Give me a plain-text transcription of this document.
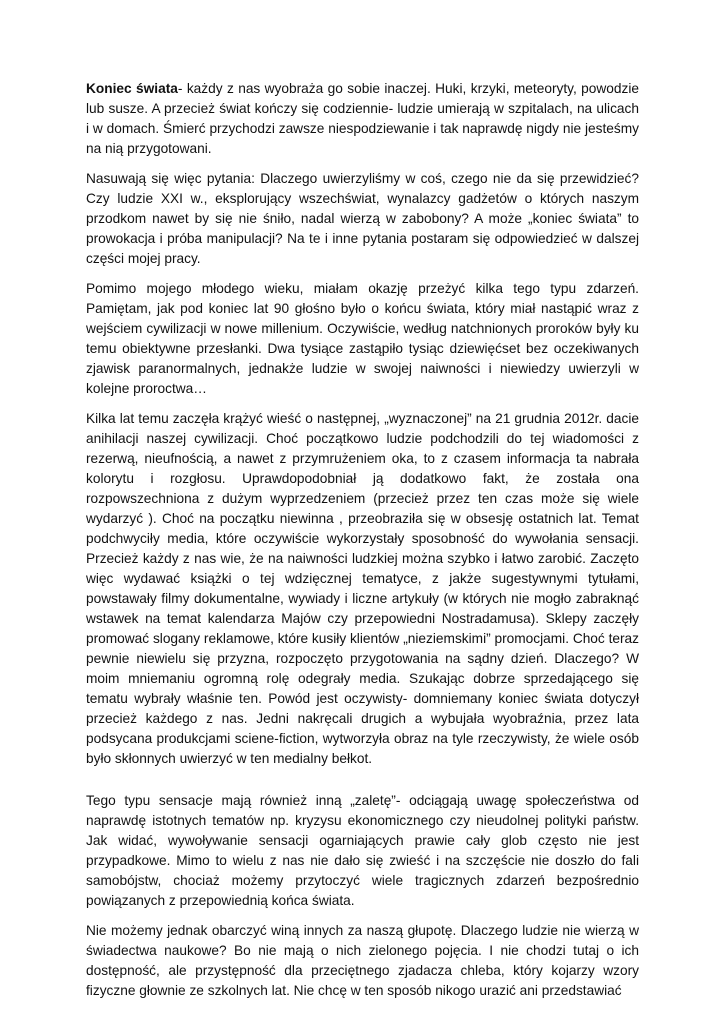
Koniec świata- każdy z nas wyobraża go sobie inaczej. Huki, krzyki, meteoryty, powodzie lub susze. A przecież świat kończy się codziennie- ludzie umierają w szpitalach, na ulicach i w domach. Śmierć przychodzi zawsze niespodziewanie i tak naprawdę nigdy nie jesteśmy na nią przygotowani.

Nasuwają się więc pytania: Dlaczego uwierzyliśmy w coś, czego nie da się przewidzieć? Czy ludzie XXI w., eksplorujący wszechświat, wynalazcy gadżetów o których naszym przodkom nawet by się nie śniło, nadal wierzą w zabobony? A może „koniec świata” to prowokacja i próba manipulacji? Na te i inne pytania postaram się odpowiedzieć w dalszej części mojej pracy.

Pomimo mojego młodego wieku, miałam okazję przeżyć kilka tego typu zdarzeń. Pamiętam, jak pod koniec lat 90 głośno było o końcu świata, który miał nastąpić wraz z wejściem cywilizacji w nowe millenium. Oczywiście, według natchnionych proroków były ku temu obiektywne przesłanki. Dwa tysiące zastąpiło tysiąc dziewięćset bez oczekiwanych zjawisk paranormalnych, jednakże ludzie w swojej naiwności i niewiedzy uwierzyli w kolejne proroctwa…

Kilka lat temu zaczęła krążyć wieść o następnej, „wyznaczonej” na 21 grudnia 2012r. dacie anihilacji naszej cywilizacji. Choć początkowo ludzie podchodzili do tej wiadomości z rezerwą, nieufnością, a nawet z przymrużeniem oka, to z czasem informacja ta nabrała kolorytu i rozgłosu. Uprawdopodobniał ją dodatkowo fakt, że została ona rozpowszechniona z dużym wyprzedzeniem (przecież przez ten czas może się wiele wydarzyć ). Choć na początku niewinna , przeobraziła się w obsesję ostatnich lat. Temat podchwyciły media, które oczywiście wykorzystały sposobność do wywołania sensacji. Przecież każdy z nas wie, że na naiwności ludzkiej można szybko i łatwo zarobić. Zaczęto więc wydawać książki o tej wdzięcznej tematyce, z jakże sugestywnymi tytułami, powstawały filmy dokumentalne, wywiady i liczne artykuły (w których nie mogło zabraknąć wstawek na temat kalendarza Majów czy przepowiedni Nostradamusa). Sklepy zaczęły promować slogany reklamowe, które kusiły klientów „nieziemskimi” promocjami. Choć teraz pewnie niewielu się przyzna, rozpoczęto przygotowania na sądny dzień. Dlaczego? W moim mniemaniu ogromną rolę odegrały media. Szukając dobrze sprzedającego się tematu wybrały właśnie ten. Powód jest oczywisty- domniemany koniec świata dotyczył przecież każdego z nas. Jedni nakręcali drugich a wybujała wyobraźnia, przez lata podsycana produkcjami sciene-fiction, wytworzyła obraz na tyle rzeczywisty, że wiele osób było skłonnych uwierzyć w ten medialny bełkot.

Tego typu sensacje mają również inną „zaletę”- odciągają uwagę społeczeństwa od naprawdę istotnych tematów np. kryzysu ekonomicznego czy nieudolnej polityki państw. Jak widać, wywoływanie sensacji ogarniających prawie cały glob często nie jest przypadkowe. Mimo to wielu z nas nie dało się zwieść i na szczęście nie doszło do fali samobójstw, chociaż możemy przytoczyć wiele tragicznych zdarzeń bezpośrednio powiązanych z przepowiednią końca świata.

Nie możemy jednak obarczyć winą innych za naszą głupotę. Dlaczego ludzie nie wierzą w świadectwa naukowe? Bo nie mają o nich zielonego pojęcia. I nie chodzi tutaj o ich dostępność, ale przystępność dla przeciętnego zjadacza chleba, który kojarzy wzory fizyczne głownie ze szkolnych lat. Nie chcę w ten sposób nikogo urazić ani przedstawiać
